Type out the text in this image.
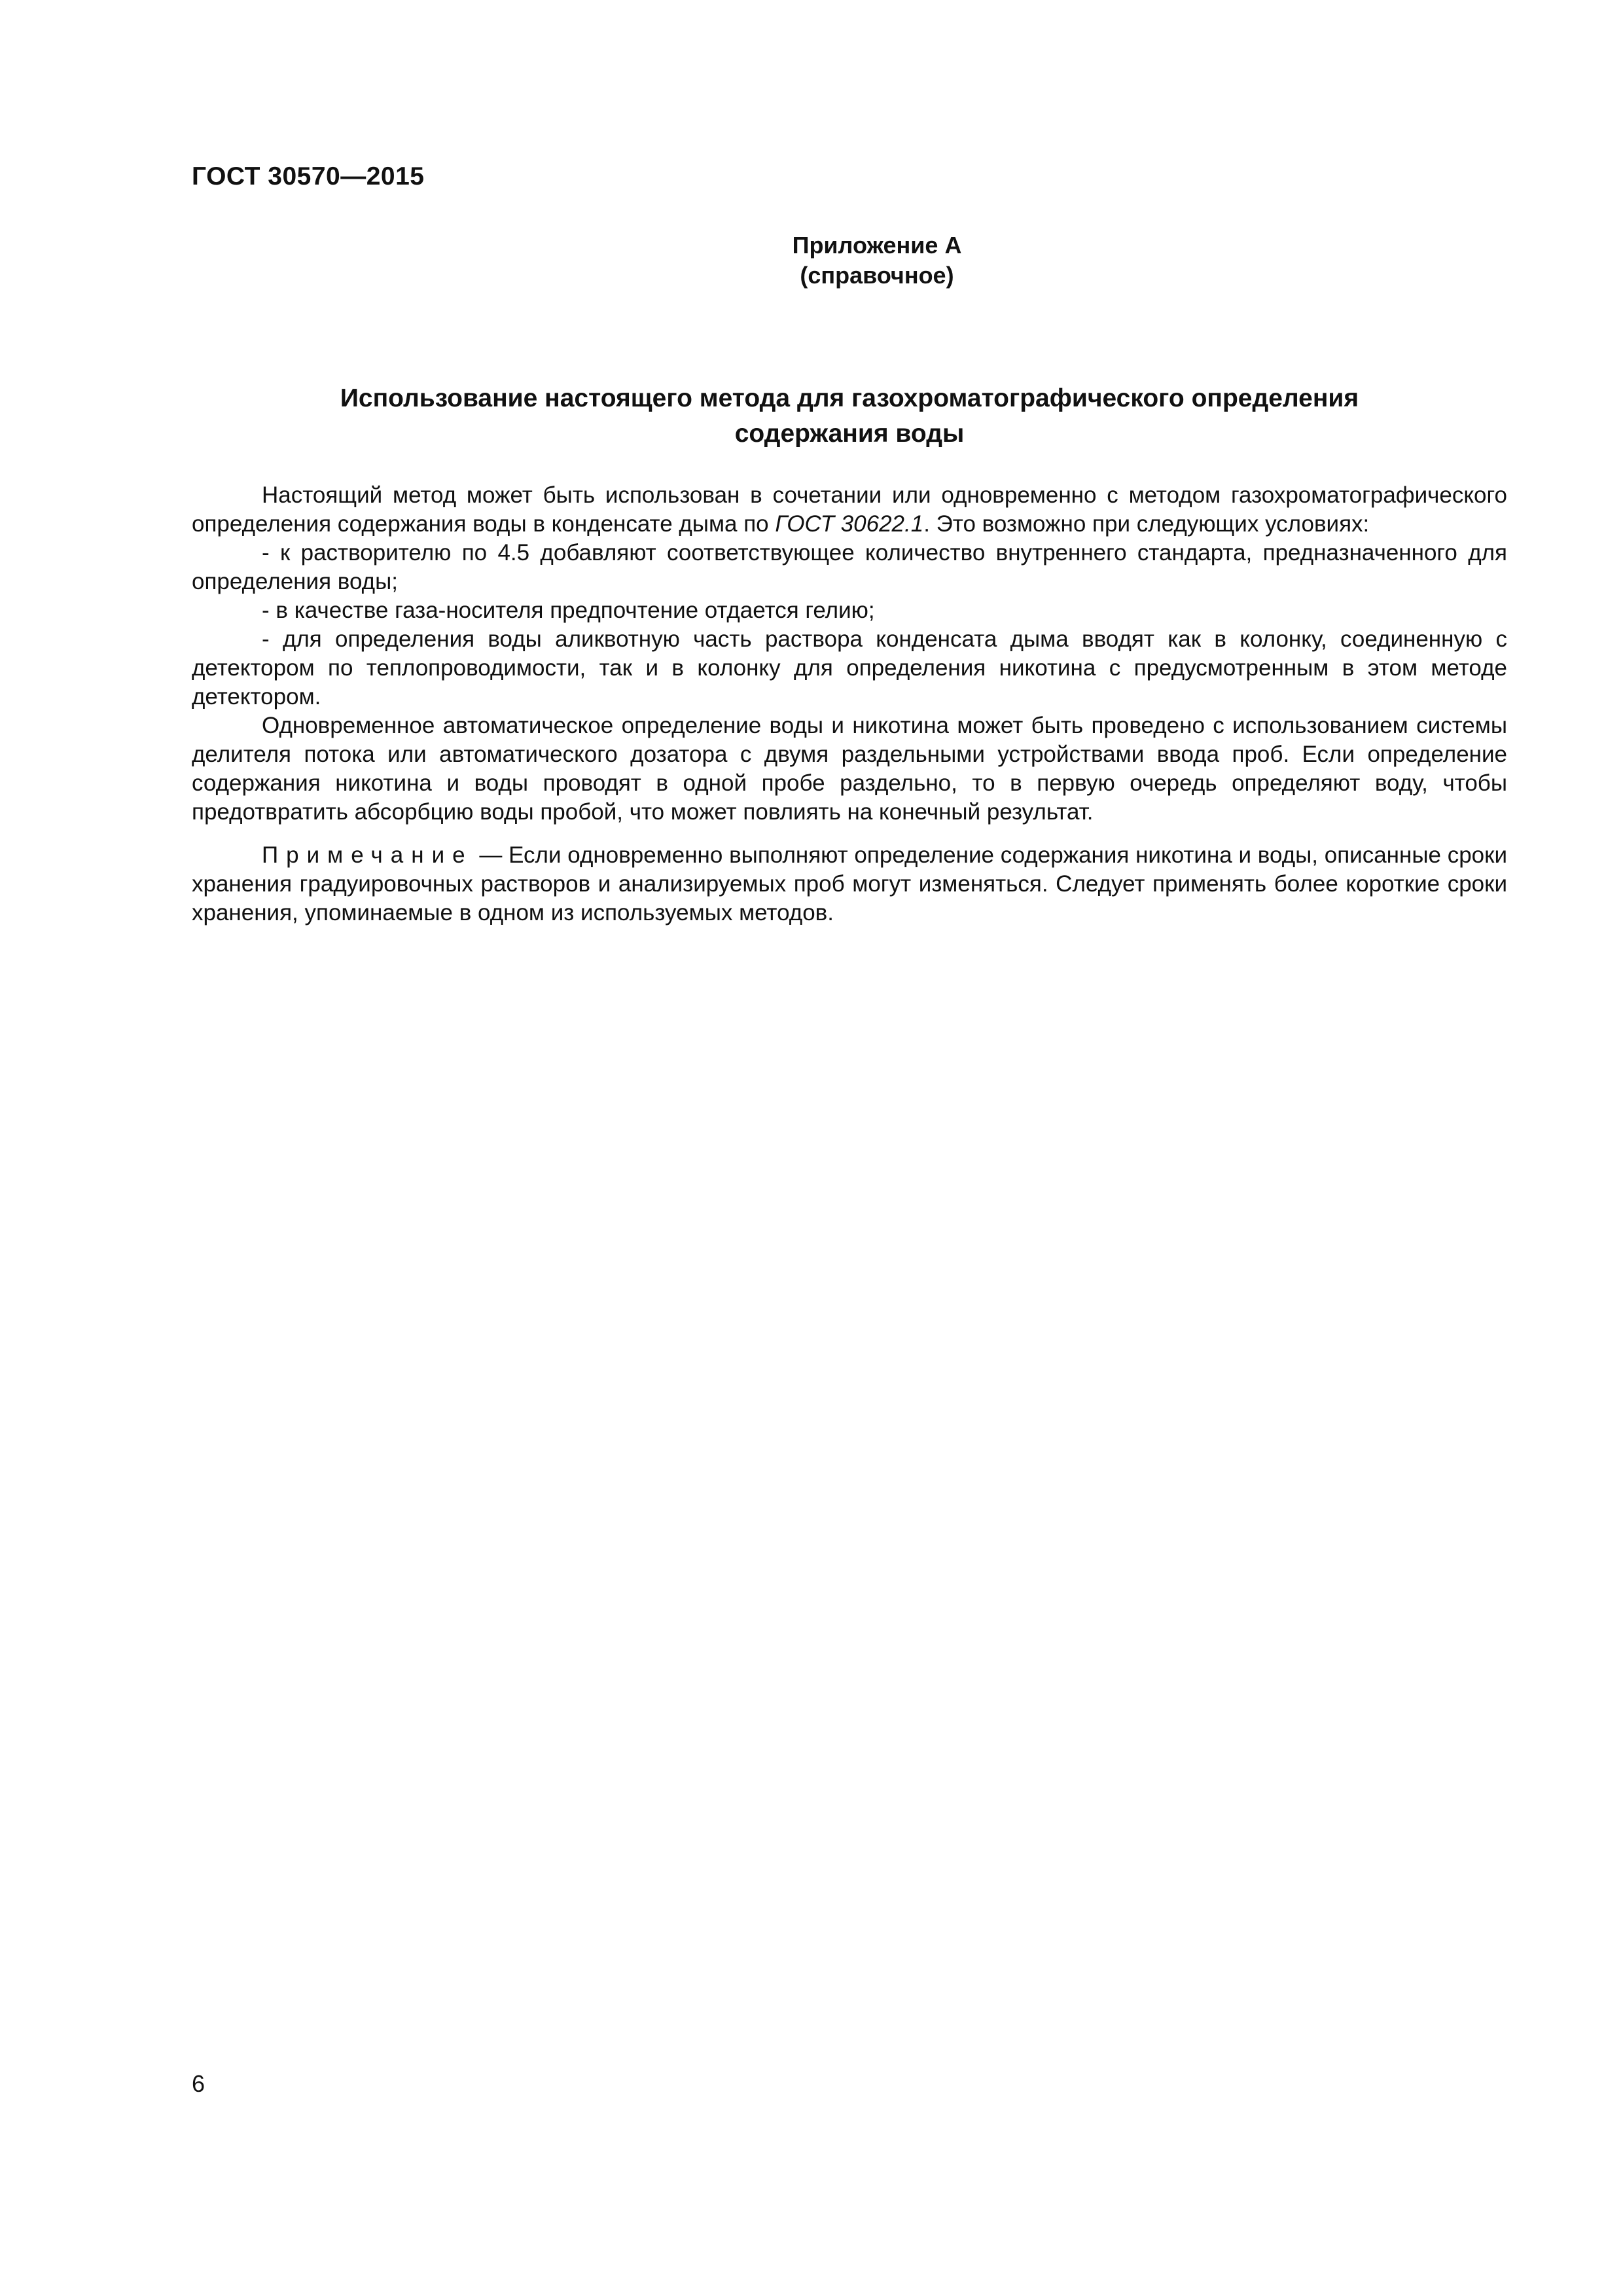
ГОСТ 30570—2015
Приложение А
(справочное)
Использование настоящего метода для газохроматографического определения
содержания воды

Настоящий метод может быть использован в сочетании или одновременно с методом газохроматографического определения содержания воды в конденсате дыма по ГОСТ 30622.1. Это возможно при следующих условиях:

- к растворителю по 4.5 добавляют соответствующее количество внутреннего стандарта, предназначенного для определения воды;

- в качестве газа-носителя предпочтение отдается гелию;

- для определения воды аликвотную часть раствора конденсата дыма вводят как в колонку, соединенную с детектором по теплопроводимости, так и в колонку для определения никотина с предусмотренным в этом методе детектором.

Одновременное автоматическое определение воды и никотина может быть проведено с использованием системы делителя потока или автоматического дозатора с двумя раздельными устройствами ввода проб. Если определение содержания никотина и воды проводят в одной пробе раздельно, то в первую очередь определяют воду, чтобы предотвратить абсорбцию воды пробой, что может повлиять на конечный результат.

Примечание — Если одновременно выполняют определение содержания никотина и воды, описанные сроки хранения градуировочных растворов и анализируемых проб могут изменяться. Следует применять более короткие сроки хранения, упоминаемые в одном из используемых методов.

6
